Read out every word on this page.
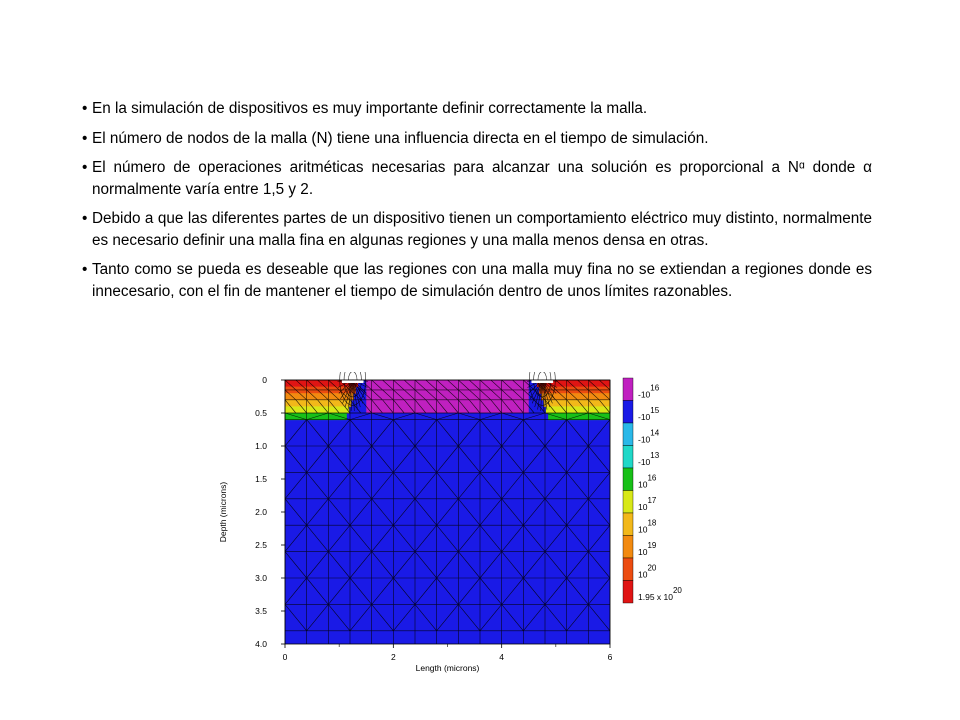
• En la simulación de dispositivos es muy importante definir correctamente la malla.
• El número de nodos de la malla (N) tiene una influencia directa en el tiempo de simulación.
• El número de operaciones aritméticas necesarias para alcanzar una solución es proporcional a Nᵅ donde α normalmente varía entre 1,5 y 2.
• Debido a que las diferentes partes de un dispositivo tienen un comportamiento eléctrico muy distinto, normalmente es necesario definir una malla fina en algunas regiones y una malla menos densa en otras.
• Tanto como se pueda es deseable que las regiones con una malla muy fina no se extiendan a regiones donde es innecesario, con el fin de mantener el tiempo de simulación dentro de unos límites razonables.
0
0.5
1.0
1.5
2.0
2.5
3.0
3.5
4.0
0	2	4	6
Length (microns)
Depth (microns)
-1016
-1015
-1014
-1013
1016
1017
1018
1019
1020
1.95 x 1020
